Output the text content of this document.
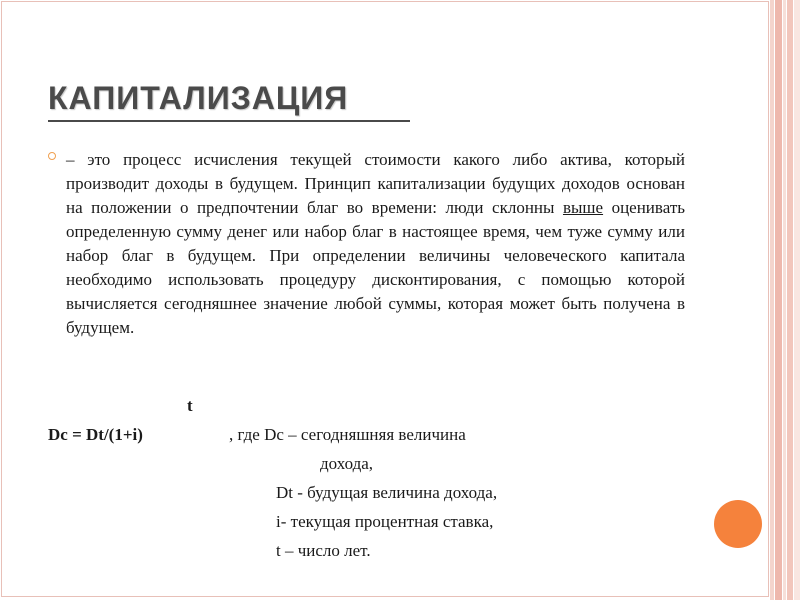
КАПИТАЛИЗАЦИЯ

– это процесс исчисления текущей стоимости какого либо актива, который производит доходы в будущем. Принцип капитализации будущих доходов основан на положении о предпочтении благ во времени: люди склонны выше оценивать определенную сумму денег или набор благ в настоящее время, чем туже сумму или набор благ в будущем. При определении величины человеческого капитала необходимо использовать процедуру дисконтирования, с помощью которой вычисляется сегодняшнее значение любой суммы, которая может быть получена в будущем.

t
Dc = Dt/(1+i)	, где Dc – сегодняшняя величина
дохода,
Dt - будущая величина дохода,
i- текущая процентная ставка,
t – число лет.
